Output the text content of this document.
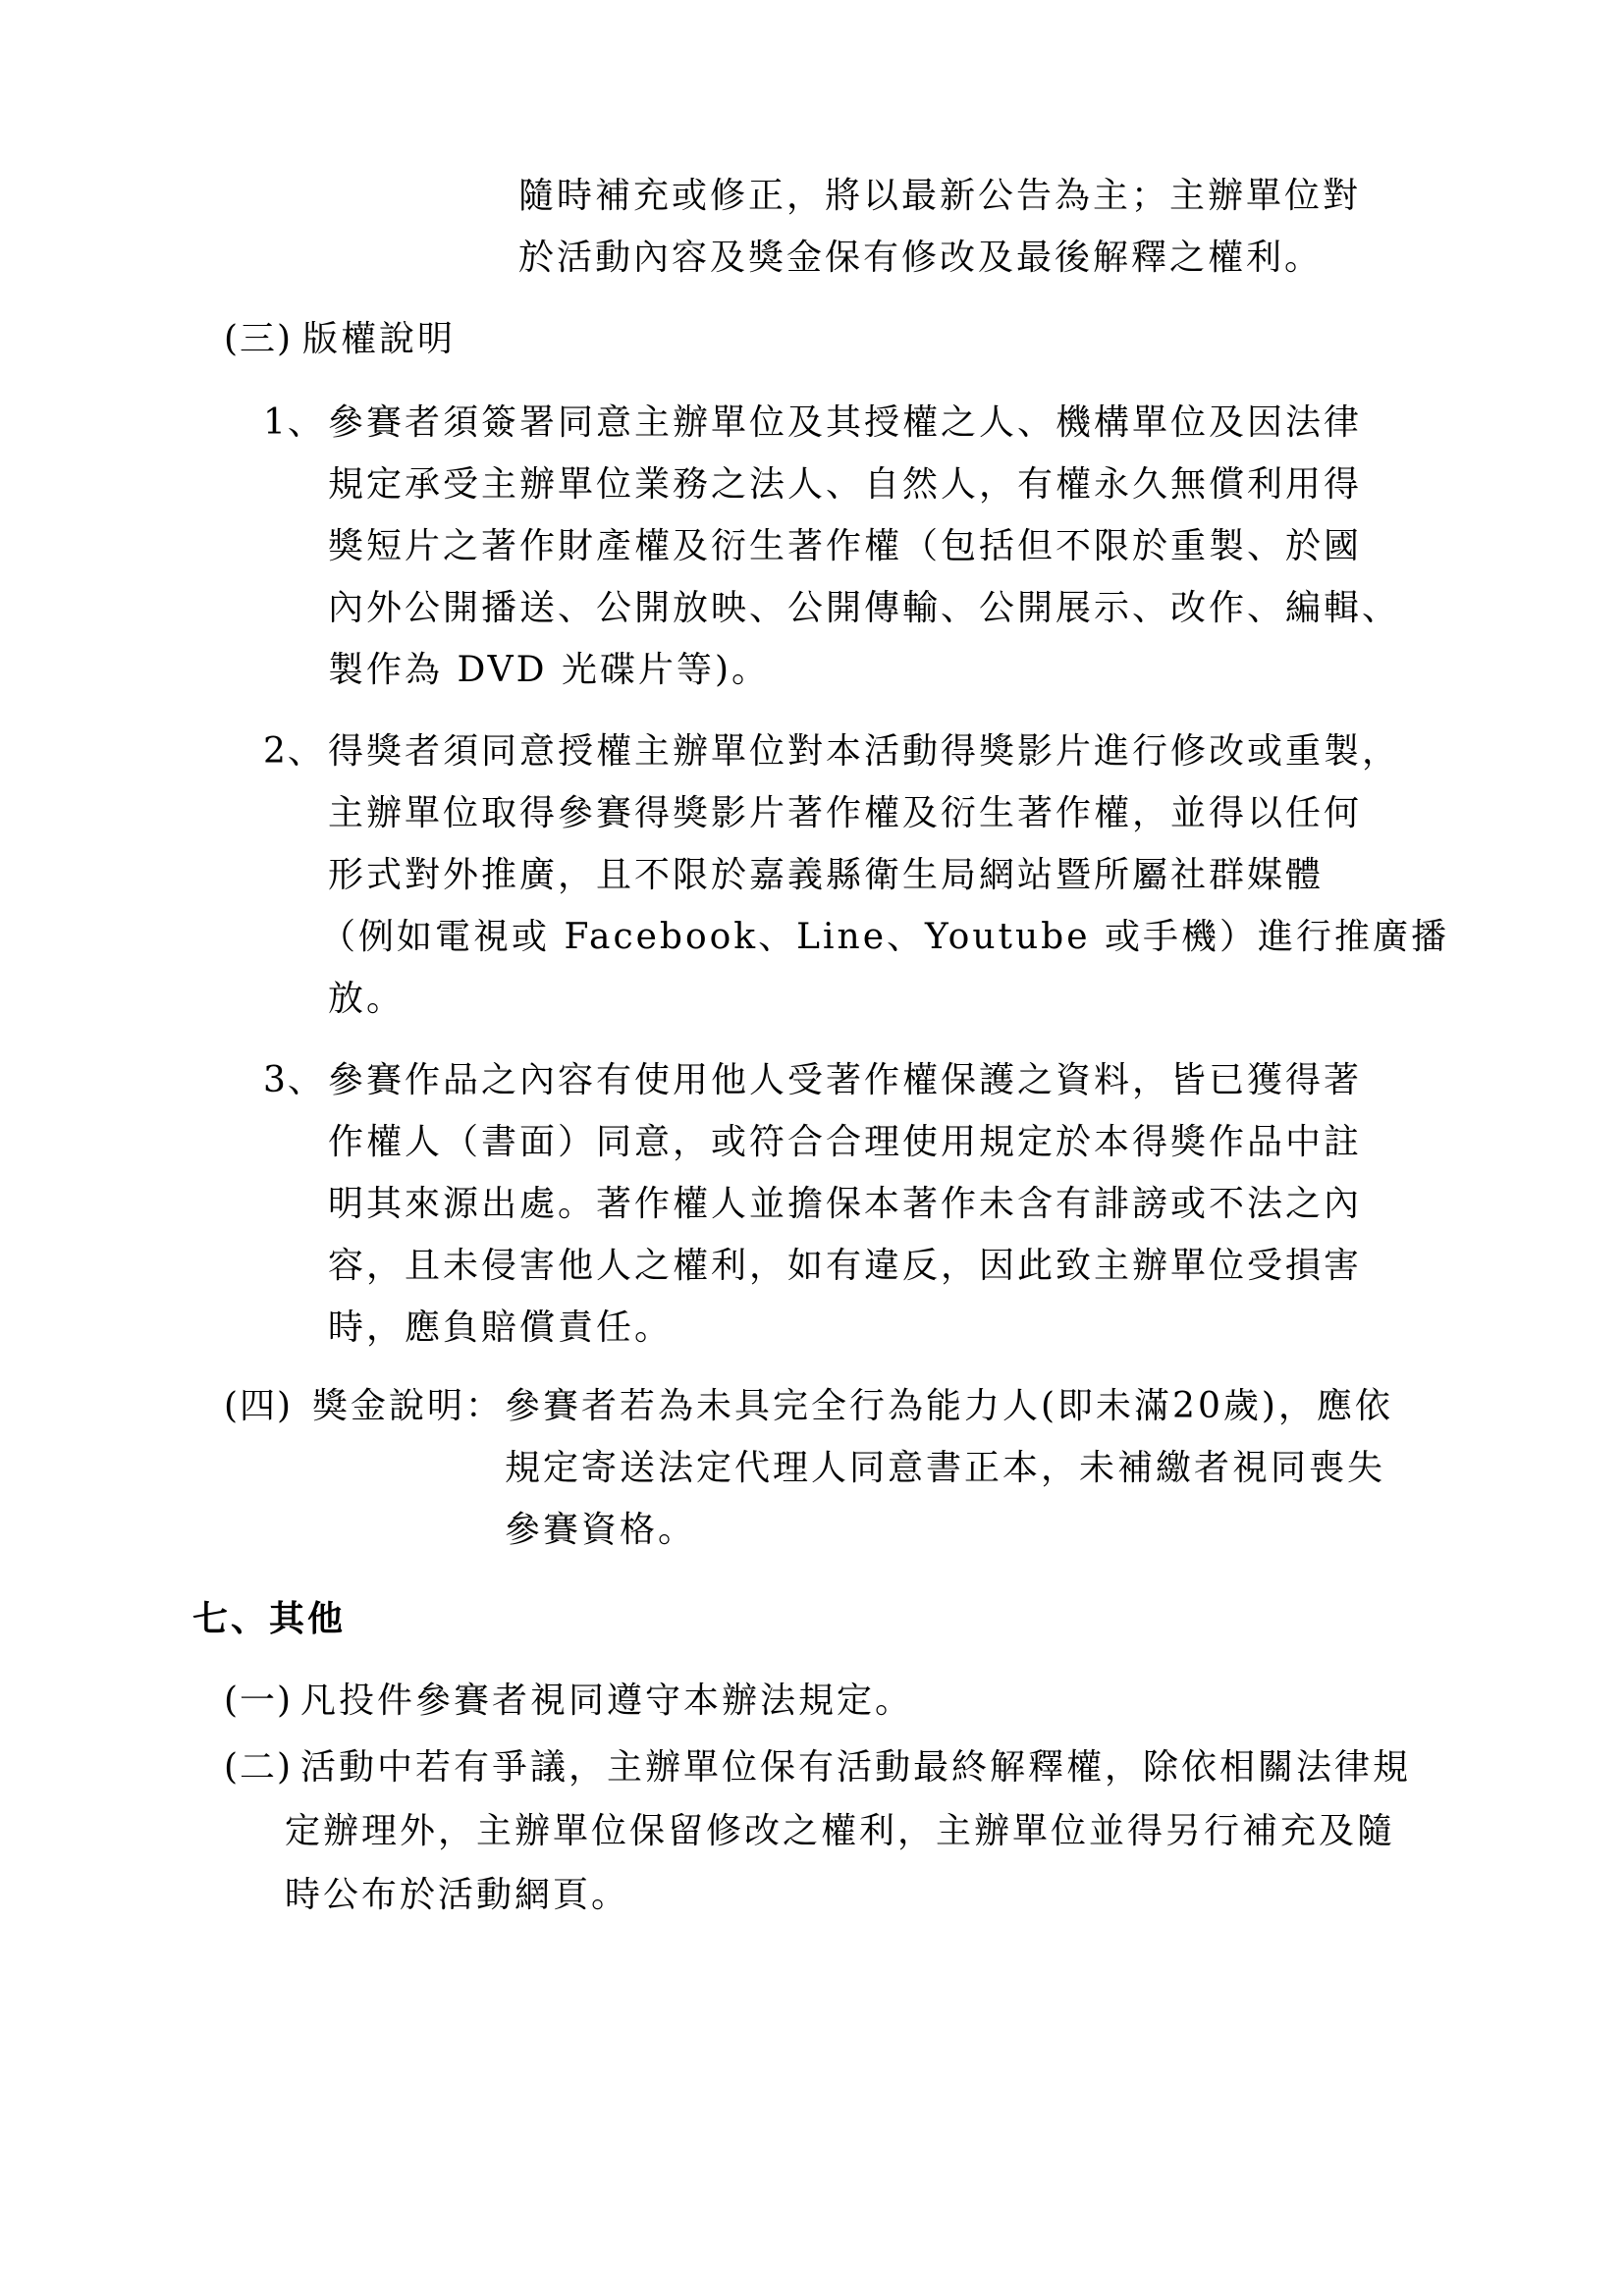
隨時補充或修正，將以最新公告為主；主辦單位對
於活動內容及獎金保有修改及最後解釋之權利。
(三) 版權說明
1、 參賽者須簽署同意主辦單位及其授權之人、機構單位及因法律
規定承受主辦單位業務之法人、自然人，有權永久無償利用得
獎短片之著作財產權及衍生著作權（包括但不限於重製、於國
內外公開播送、公開放映、公開傳輸、公開展示、改作、編輯、
製作為 DVD 光碟片等)。
2、 得獎者須同意授權主辦單位對本活動得獎影片進行修改或重製，
主辦單位取得參賽得獎影片著作權及衍生著作權，並得以任何
形式對外推廣，且不限於嘉義縣衛生局網站暨所屬社群媒體
（例如電視或 Facebook、Line、Youtube 或手機）進行推廣播
放。
3、 參賽作品之內容有使用他人受著作權保護之資料，皆已獲得著
作權人（書面）同意，或符合合理使用規定於本得獎作品中註
明其來源出處。著作權人並擔保本著作未含有誹謗或不法之內
容，且未侵害他人之權利，如有違反，因此致主辦單位受損害
時，應負賠償責任。
(四) 獎金說明： 參賽者若為未具完全行為能力人(即未滿20歲)，應依
規定寄送法定代理人同意書正本，未補繳者視同喪失
參賽資格。
七、其他
(一) 凡投件參賽者視同遵守本辦法規定。
(二) 活動中若有爭議，主辦單位保有活動最終解釋權，除依相關法律規
定辦理外，主辦單位保留修改之權利，主辦單位並得另行補充及隨
時公布於活動網頁。
